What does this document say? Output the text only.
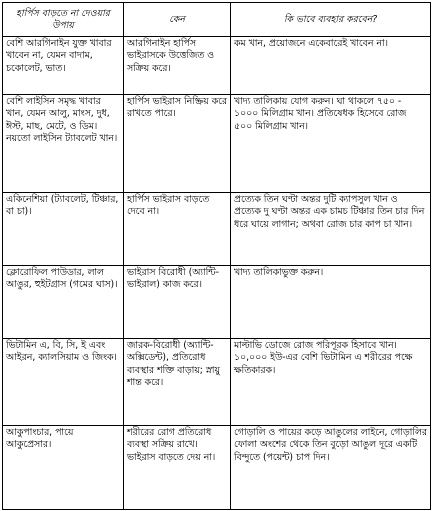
হার্পিস বাড়তে না দেওয়ার উপায়	কেন	কি ভাবে ব্যবহার করবেন?
বেশি আরগিনাইন যুক্ত খাবার খাবেন না, যেমন বাদাম, চকোলেট, ভাত।	আরগিনাইন হার্পিস ভাইরাসকে উত্তেজিত ও সক্রিয় করে।	কম খান, প্রয়োজনে একেবারেই খাবেন না।
বেশি লাইসিন সমৃদ্ধ খাবার খান, যেমন আলু, মাংস, দুধ, ঈস্ট, মাছ, মেটে, ও ডিম। নয়তো লাইসিন ট্যাবলেট খান।	হার্পিস ভাইরাস নিষ্ক্রিয় করে রাখতে পারে।	খাদ্য তালিকায় যোগ করুন। ঘা থাকলে ৭৫০ - ১০০০ মিলিগ্রাম খান। প্রতিষেধক হিসেবে রোজ ৫০০ মিলিগ্রাম খান।
একিনেশিয়া (ট্যাবলেট, টিঞ্চার, বা চা)।	হার্পিস ভাইরাস বাড়তে দেবে না।	প্রত্যেক তিন ঘণ্টা অন্তর দুটি ক্যাপসুল খান ও প্রত্যেক দু ঘণ্টা অন্তর এক চামচ টিঞ্চার তিন চার দিন ধরে ঘায়ে লাগান; অথবা রোজ চার কাপ চা খান।
ক্লোরোফিল পাউডার, লাল আঙুর, হুইটগ্রাস (গমের ঘাস)।	ভাইরাস বিরোধী (অ্যান্টি-ভাইরাল) কাজ করে।	খাদ্য তালিকাভুক্ত করুন।
ভিটামিন এ, বি, সি, ই এবং আইরন, ক্যালসিয়াম ও জিংক।	জারক-বিরোধী (অ্যান্টি-অক্সিডেন্ট), প্রতিরোধ ব্যবস্থার শক্তি বাড়ায়; স্নায়ু শান্ত করে।	মাল্টাভি ডোজে রোজ পরিপূরক হিসাবে খান। ১০,০০০ ইউ-এর বেশি ভিটামিন এ শরীরের পক্ষে ক্ষতিকারক।
আকুপাংচার, পায়ে আকুপ্রেসার।	শরীরের রোগ প্রতিরোধ ব্যবস্থা সক্রিয় রাখে। ভাইরাস বাড়তে দেয় না।	গোড়ালি ও পায়ের কড়ে আঙুলের লাইনে, গোড়ালির ফোলা অংশের থেকে তিন বুড়ো আঙুল দূরে একটি বিন্দুতে (পয়েন্ট) চাপ দিন।
